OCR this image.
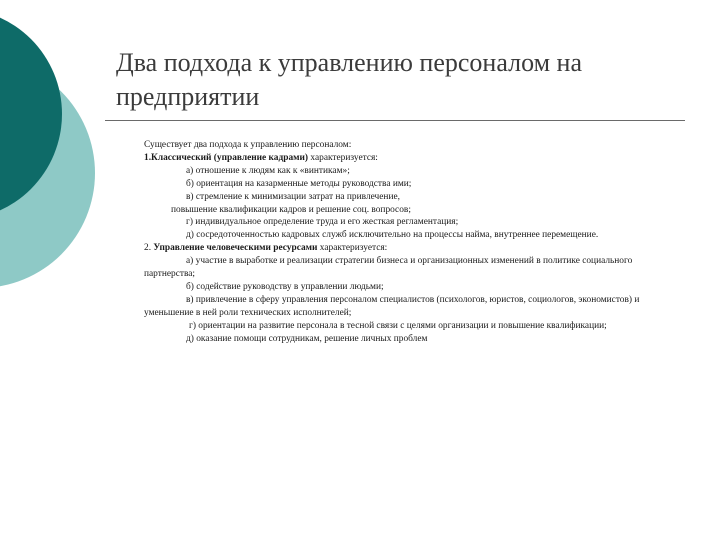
Два подхода к управлению персоналом на предприятии

Существует два подхода к управлению персоналом:

1.Классический (управление кадрами) характеризуется:

а) отношение к людям как к «винтикам»;

б) ориентация на казарменные методы руководства ими;

в) стремление к минимизации затрат на привлечение,

повышение квалификации кадров и решение соц. вопросов;

г) индивидуальное определение труда и его жесткая регламентация;

д) сосредоточенностью кадровых служб исключительно на процессы найма, внутреннее перемещение.

2. Управление человеческими ресурсами характеризуется:

а) участие в выработке и реализации стратегии бизнеса и организационных изменений в политике социального партнерства;

б) содействие руководству в управлении людьми;

в) привлечение в сферу управления персоналом специалистов (психологов, юристов, социологов, экономистов) и уменьшение в ней роли технических исполнителей;

г) ориентации на развитие персонала в тесной связи с целями организации и повышение квалификации;

д) оказание помощи сотрудникам, решение личных проблем
